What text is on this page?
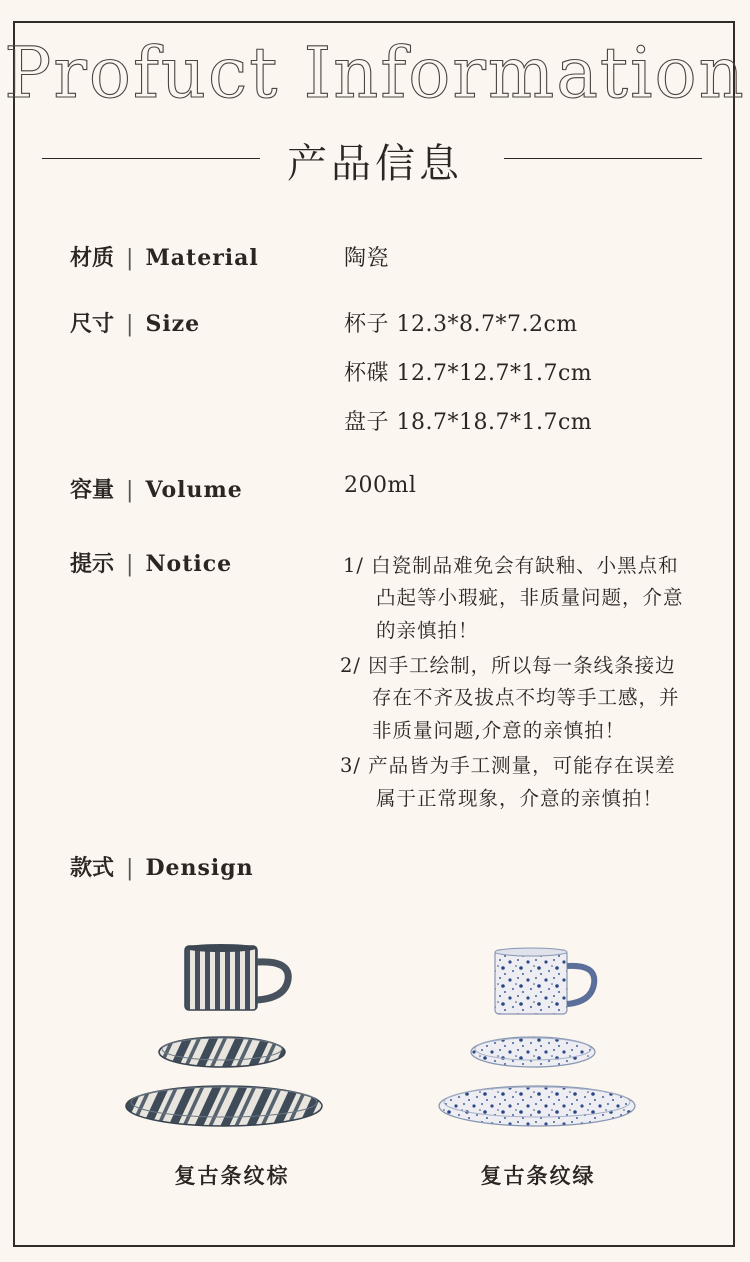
Profuct Information
产品信息
材质 | Material	陶瓷
尺寸 | Size	杯子 12.3*8.7*7.2cm
杯碟 12.7*12.7*1.7cm
盘子 18.7*18.7*1.7cm
容量 | Volume	200ml
提示 | Notice	1/ 白瓷制品难免会有缺釉、小黑点和
凸起等小瑕疵，非质量问题，介意
的亲慎拍！
2/ 因手工绘制，所以每一条线条接边
存在不齐及拔点不均等手工感，并
非质量问题,介意的亲慎拍！
3/ 产品皆为手工测量，可能存在误差
属于正常现象，介意的亲慎拍！
款式 | Densign
复古条纹棕	复古条纹绿
